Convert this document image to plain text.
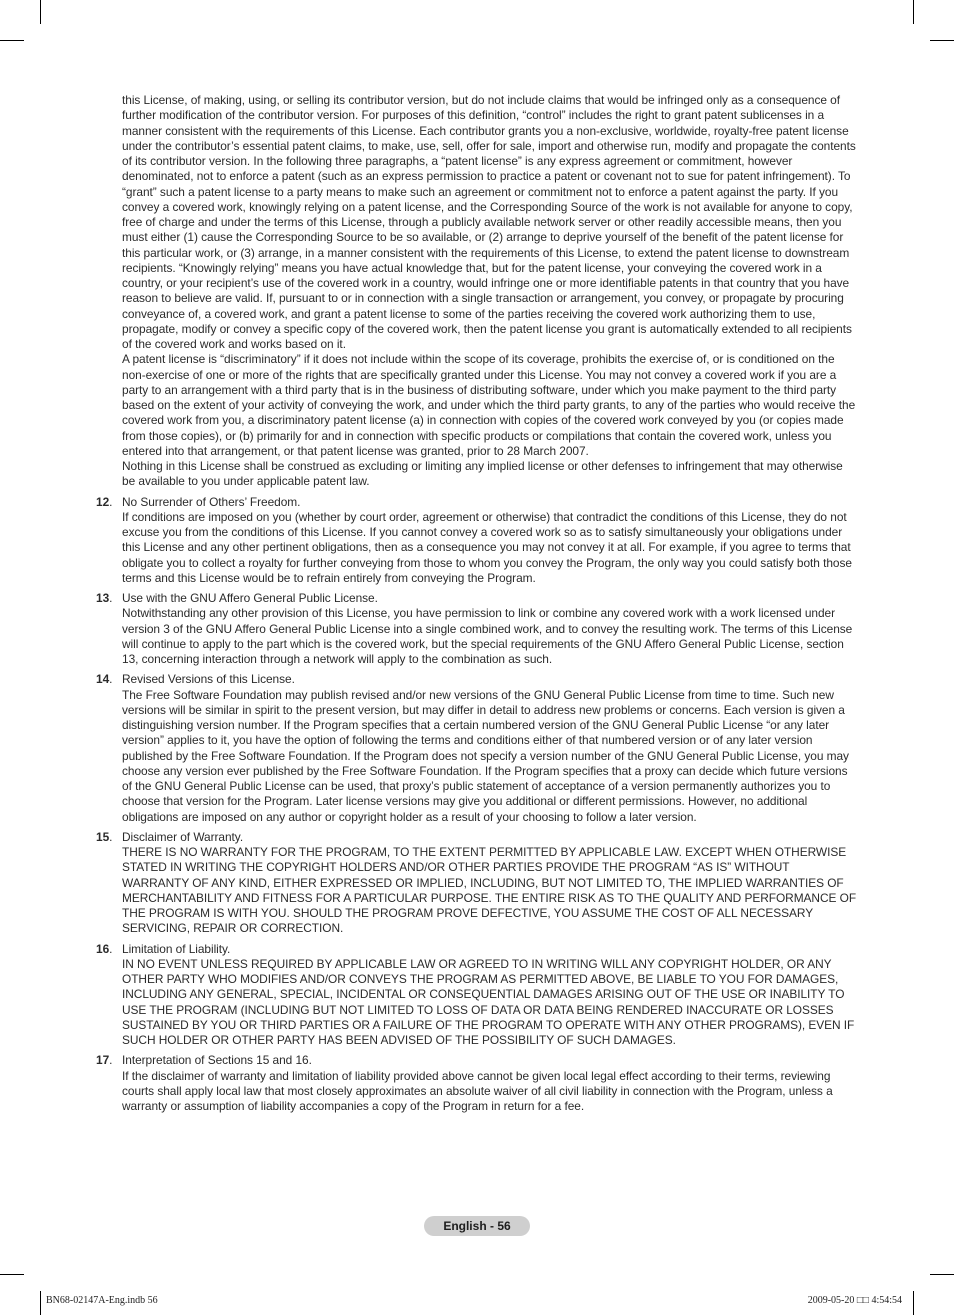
this License, of making, using, or selling its contributor version, but do not include claims that would be infringed only as a consequence of further modification of the contributor version. For purposes of this definition, “control” includes the right to grant patent sublicenses in a manner consistent with the requirements of this License. Each contributor grants you a non-exclusive, worldwide, royalty-free patent license under the contributor’s essential patent claims, to make, use, sell, offer for sale, import and otherwise run, modify and propagate the contents of its contributor version. In the following three paragraphs, a “patent license” is any express agreement or commitment, however denominated, not to enforce a patent (such as an express permission to practice a patent or covenant not to sue for patent infringement). To “grant” such a patent license to a party means to make such an agreement or commitment not to enforce a patent against the party. If you convey a covered work, knowingly relying on a patent license, and the Corresponding Source of the work is not available for anyone to copy, free of charge and under the terms of this License, through a publicly available network server or other readily accessible means, then you must either (1) cause the Corresponding Source to be so available, or (2) arrange to deprive yourself of the benefit of the patent license for this particular work, or (3) arrange, in a manner consistent with the requirements of this License, to extend the patent license to downstream recipients. “Knowingly relying” means you have actual knowledge that, but for the patent license, your conveying the covered work in a country, or your recipient’s use of the covered work in a country, would infringe one or more identifiable patents in that country that you have reason to believe are valid. If, pursuant to or in connection with a single transaction or arrangement, you convey, or propagate by procuring conveyance of, a covered work, and grant a patent license to some of the parties receiving the covered work authorizing them to use, propagate, modify or convey a specific copy of the covered work, then the patent license you grant is automatically extended to all recipients of the covered work and works based on it.

A patent license is “discriminatory” if it does not include within the scope of its coverage, prohibits the exercise of, or is conditioned on the non-exercise of one or more of the rights that are specifically granted under this License. You may not convey a covered work if you are a party to an arrangement with a third party that is in the business of distributing software, under which you make payment to the third party based on the extent of your activity of conveying the work, and under which the third party grants, to any of the parties who would receive the covered work from you, a discriminatory patent license (a) in connection with copies of the covered work conveyed by you (or copies made from those copies), or (b) primarily for and in connection with specific products or compilations that contain the covered work, unless you entered into that arrangement, or that patent license was granted, prior to 28 March 2007.

Nothing in this License shall be construed as excluding or limiting any implied license or other defenses to infringement that may otherwise be available to you under applicable patent law.

12 . No Surrender of Others’ Freedom.

If conditions are imposed on you (whether by court order, agreement or otherwise) that contradict the conditions of this License, they do not excuse you from the conditions of this License. If you cannot convey a covered work so as to satisfy simultaneously your obligations under this License and any other pertinent obligations, then as a consequence you may not convey it at all. For example, if you agree to terms that obligate you to collect a royalty for further conveying from those to whom you convey the Program, the only way you could satisfy both those terms and this License would be to refrain entirely from conveying the Program.

13 . Use with the GNU Affero General Public License.

Notwithstanding any other provision of this License, you have permission to link or combine any covered work with a work licensed under version 3 of the GNU Affero General Public License into a single combined work, and to convey the resulting work. The terms of this License will continue to apply to the part which is the covered work, but the special requirements of the GNU Affero General Public License, section 13, concerning interaction through a network will apply to the combination as such.

14 . Revised Versions of this License.

The Free Software Foundation may publish revised and/or new versions of the GNU General Public License from time to time. Such new versions will be similar in spirit to the present version, but may differ in detail to address new problems or concerns. Each version is given a distinguishing version number. If the Program specifies that a certain numbered version of the GNU General Public License “or any later version” applies to it, you have the option of following the terms and conditions either of that numbered version or of any later version published by the Free Software Foundation. If the Program does not specify a version number of the GNU General Public License, you may choose any version ever published by the Free Software Foundation. If the Program specifies that a proxy can decide which future versions of the GNU General Public License can be used, that proxy’s public statement of acceptance of a version permanently authorizes you to choose that version for the Program. Later license versions may give you additional or different permissions. However, no additional obligations are imposed on any author or copyright holder as a result of your choosing to follow a later version.

15 . Disclaimer of Warranty.

THERE IS NO WARRANTY FOR THE PROGRAM, TO THE EXTENT PERMITTED BY APPLICABLE LAW. EXCEPT WHEN OTHERWISE STATED IN WRITING THE COPYRIGHT HOLDERS AND/OR OTHER PARTIES PROVIDE THE PROGRAM “AS IS” WITHOUT WARRANTY OF ANY KIND, EITHER EXPRESSED OR IMPLIED, INCLUDING, BUT NOT LIMITED TO, THE IMPLIED WARRANTIES OF MERCHANTABILITY AND FITNESS FOR A PARTICULAR PURPOSE. THE ENTIRE RISK AS TO THE QUALITY AND PERFORMANCE OF THE PROGRAM IS WITH YOU. SHOULD THE PROGRAM PROVE DEFECTIVE, YOU ASSUME THE COST OF ALL NECESSARY SERVICING, REPAIR OR CORRECTION.

16 . Limitation of Liability.

IN NO EVENT UNLESS REQUIRED BY APPLICABLE LAW OR AGREED TO IN WRITING WILL ANY COPYRIGHT HOLDER, OR ANY OTHER PARTY WHO MODIFIES AND/OR CONVEYS THE PROGRAM AS PERMITTED ABOVE, BE LIABLE TO YOU FOR DAMAGES, INCLUDING ANY GENERAL, SPECIAL, INCIDENTAL OR CONSEQUENTIAL DAMAGES ARISING OUT OF THE USE OR INABILITY TO USE THE PROGRAM (INCLUDING BUT NOT LIMITED TO LOSS OF DATA OR DATA BEING RENDERED INACCURATE OR LOSSES SUSTAINED BY YOU OR THIRD PARTIES OR A FAILURE OF THE PROGRAM TO OPERATE WITH ANY OTHER PROGRAMS), EVEN IF SUCH HOLDER OR OTHER PARTY HAS BEEN ADVISED OF THE POSSIBILITY OF SUCH DAMAGES.

17 . Interpretation of Sections 15 and 16.

If the disclaimer of warranty and limitation of liability provided above cannot be given local legal effect according to their terms, reviewing courts shall apply local law that most closely approximates an absolute waiver of all civil liability in connection with the Program, unless a warranty or assumption of liability accompanies a copy of the Program in return for a fee.

English - 56
BN68-02147A-Eng.indb 56	2009-05-20 □□ 4:54:54
